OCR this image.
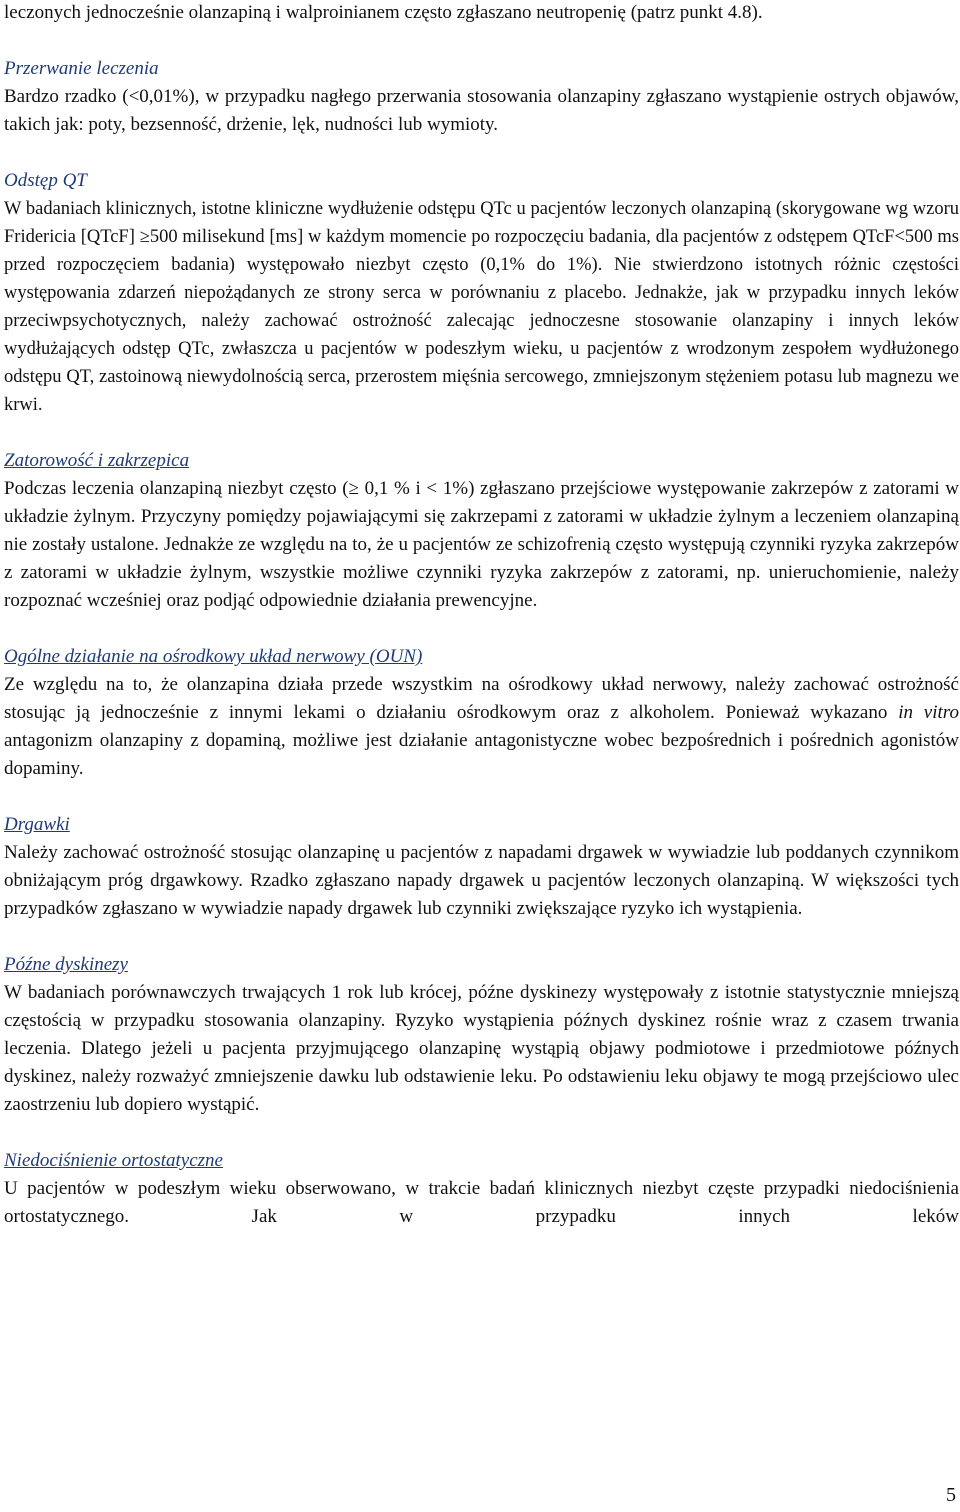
leczonych jednocześnie olanzapiną i walproinianem często zgłaszano neutropenię (patrz punkt 4.8).

Przerwanie leczenia

Bardzo rzadko (<0,01%), w przypadku nagłego przerwania stosowania olanzapiny zgłaszano wystąpienie ostrych objawów, takich jak: poty, bezsenność, drżenie, lęk, nudności lub wymioty.

Odstęp QT

W badaniach klinicznych, istotne kliniczne wydłużenie odstępu QTc u pacjentów leczonych olanzapiną (skorygowane wg wzoru Fridericia [QTcF] ≥500 milisekund [ms] w każdym momencie po rozpoczęciu badania, dla pacjentów z odstępem QTcF<500 ms przed rozpoczęciem badania) występowało niezbyt często (0,1% do 1%). Nie stwierdzono istotnych różnic częstości występowania zdarzeń niepożądanych ze strony serca w porównaniu z placebo. Jednakże, jak w przypadku innych leków przeciwpsychotycznych, należy zachować ostrożność zalecając jednoczesne stosowanie olanzapiny i innych leków wydłużających odstęp QTc, zwłaszcza u pacjentów w podeszłym wieku, u pacjentów z wrodzonym zespołem wydłużonego odstępu QT, zastoinową niewydolnością serca, przerostem mięśnia sercowego, zmniejszonym stężeniem potasu lub magnezu we krwi.

Zatorowość i zakrzepica

Podczas leczenia olanzapiną niezbyt często (≥ 0,1 % i < 1%) zgłaszano przejściowe występowanie zakrzepów z zatorami w układzie żylnym. Przyczyny pomiędzy pojawiającymi się zakrzepami z zatorami w układzie żylnym a leczeniem olanzapiną nie zostały ustalone. Jednakże ze względu na to, że u pacjentów ze schizofrenią często występują czynniki ryzyka zakrzepów z zatorami w układzie żylnym, wszystkie możliwe czynniki ryzyka zakrzepów z zatorami, np. unieruchomienie, należy rozpoznać wcześniej oraz podjąć odpowiednie działania prewencyjne.

Ogólne działanie na ośrodkowy układ nerwowy (OUN)

Ze względu na to, że olanzapina działa przede wszystkim na ośrodkowy układ nerwowy, należy zachować ostrożność stosując ją jednocześnie z innymi lekami o działaniu ośrodkowym oraz z alkoholem. Ponieważ wykazano in vitro antagonizm olanzapiny z dopaminą, możliwe jest działanie antagonistyczne wobec bezpośrednich i pośrednich agonistów dopaminy.

Drgawki

Należy zachować ostrożność stosując olanzapinę u pacjentów z napadami drgawek w wywiadzie lub poddanych czynnikom obniżającym próg drgawkowy. Rzadko zgłaszano napady drgawek u pacjentów leczonych olanzapiną. W większości tych przypadków zgłaszano w wywiadzie napady drgawek lub czynniki zwiększające ryzyko ich wystąpienia.

Późne dyskinezy

W badaniach porównawczych trwających 1 rok lub krócej, późne dyskinezy występowały z istotnie statystycznie mniejszą częstością w przypadku stosowania olanzapiny. Ryzyko wystąpienia późnych dyskinez rośnie wraz z czasem trwania leczenia. Dlatego jeżeli u pacjenta przyjmującego olanzapinę wystąpią objawy podmiotowe i przedmiotowe późnych dyskinez, należy rozważyć zmniejszenie dawku lub odstawienie leku. Po odstawieniu leku objawy te mogą przejściowo ulec zaostrzeniu lub dopiero wystąpić.

Niedociśnienie ortostatyczne

U pacjentów w podeszłym wieku obserwowano, w trakcie badań klinicznych niezbyt częste przypadki niedociśnienia ortostatycznego. Jak w przypadku innych leków

5
